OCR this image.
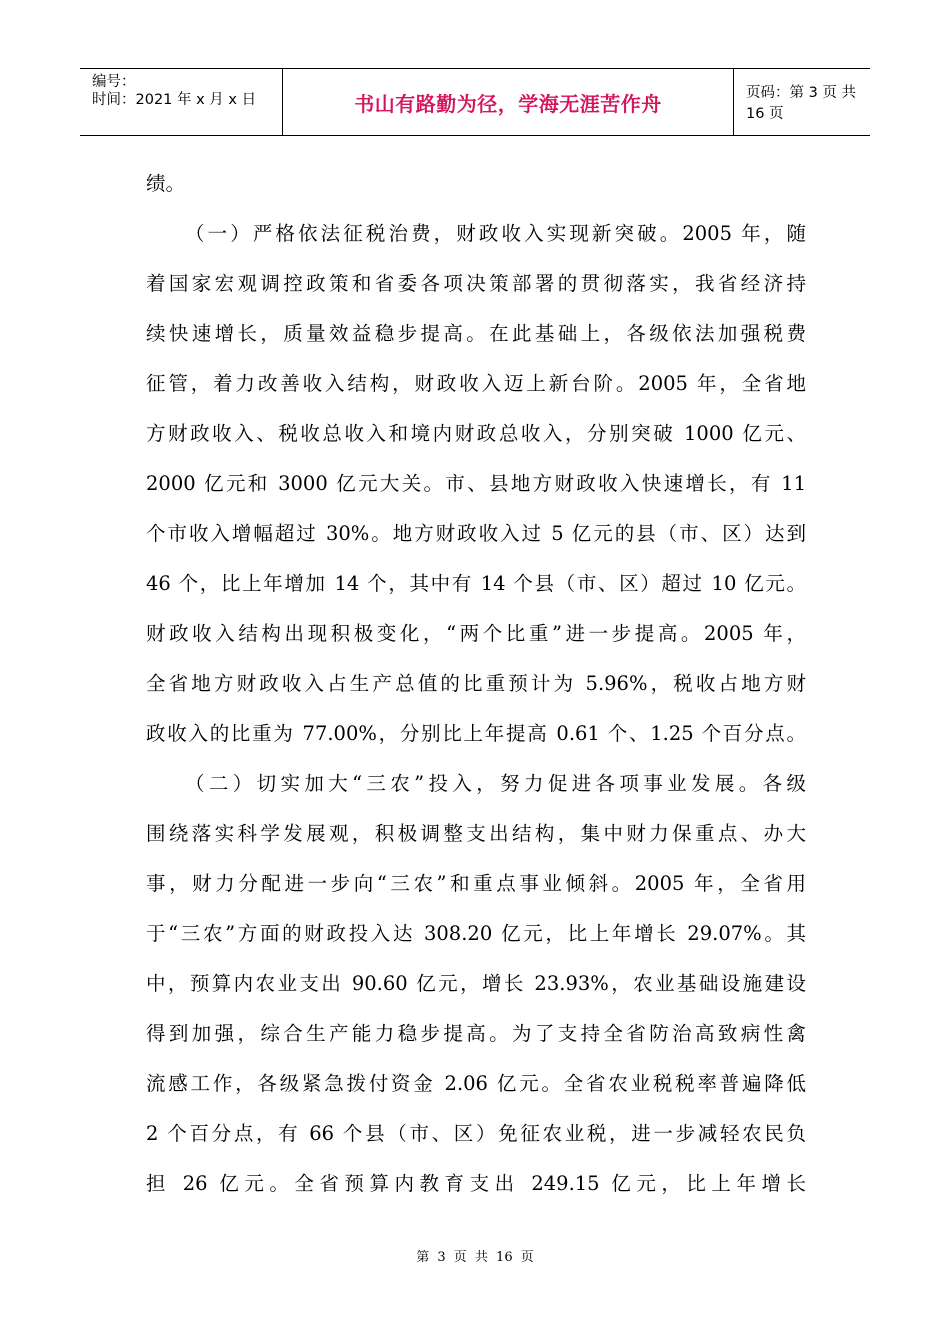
编号：
时间：2021 年 x 月 x 日	书山有路勤为径，学海无涯苦作舟	页码：第 3 页 共 16 页
绩。
（一）严格依法征税治费，财政收入实现新突破。2005 年，随
着国家宏观调控政策和省委各项决策部署的贯彻落实，我省经济持
续快速增长，质量效益稳步提高。在此基础上，各级依法加强税费
征管，着力改善收入结构，财政收入迈上新台阶。2005 年，全省地
方财政收入、税收总收入和境内财政总收入，分别突破 1000 亿元、
2000 亿元和 3000 亿元大关。市、县地方财政收入快速增长，有 11
个市收入增幅超过 30%。地方财政收入过 5 亿元的县（市、区）达到
46 个，比上年增加 14 个，其中有 14 个县（市、区）超过 10 亿元。
财政收入结构出现积极变化，“两个比重”进一步提高。2005 年，
全省地方财政收入占生产总值的比重预计为 5.96%，税收占地方财
政收入的比重为 77.00%，分别比上年提高 0.61 个、1.25 个百分点。
（二）切实加大“三农”投入，努力促进各项事业发展。各级
围绕落实科学发展观，积极调整支出结构，集中财力保重点、办大
事，财力分配进一步向“三农”和重点事业倾斜。2005 年，全省用
于“三农”方面的财政投入达 308.20 亿元，比上年增长 29.07%。其
中，预算内农业支出 90.60 亿元，增长 23.93%，农业基础设施建设
得到加强，综合生产能力稳步提高。为了支持全省防治高致病性禽
流感工作，各级紧急拨付资金 2.06 亿元。全省农业税税率普遍降低
2 个百分点，有 66 个县（市、区）免征农业税，进一步减轻农民负
担 26 亿元。全省预算内教育支出 249.15 亿元，比上年增长
第 3 页 共 16 页
